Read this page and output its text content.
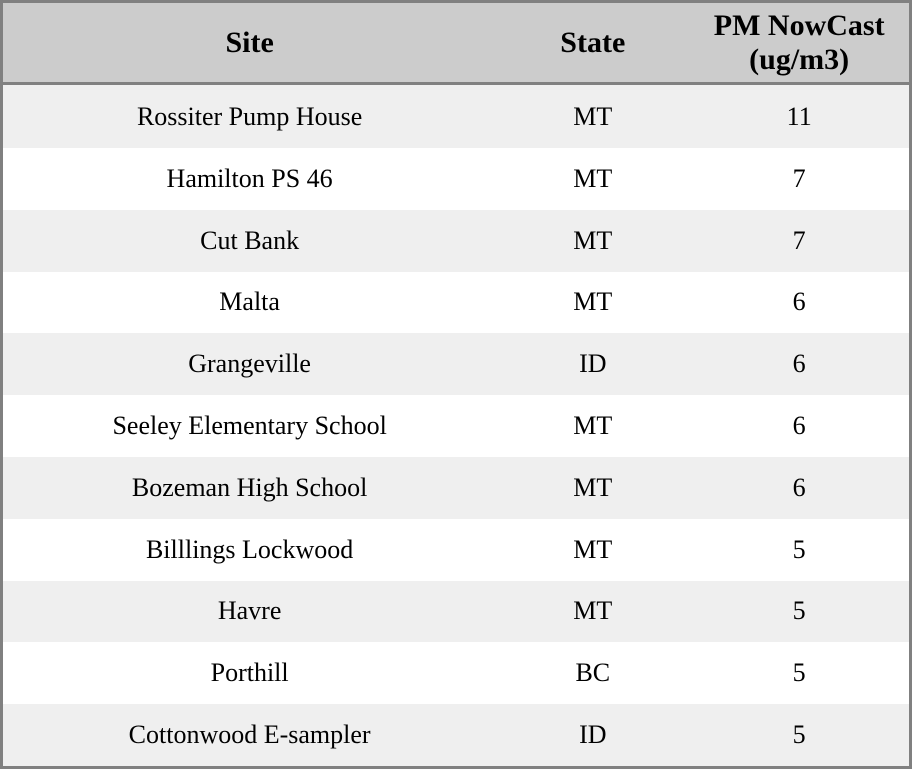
Site	State	PM NowCast (ug/m3)
Rossiter Pump House	MT	11
Hamilton PS 46	MT	7
Cut Bank	MT	7
Malta	MT	6
Grangeville	ID	6
Seeley Elementary School	MT	6
Bozeman High School	MT	6
Billlings Lockwood	MT	5
Havre	MT	5
Porthill	BC	5
Cottonwood E-sampler	ID	5
